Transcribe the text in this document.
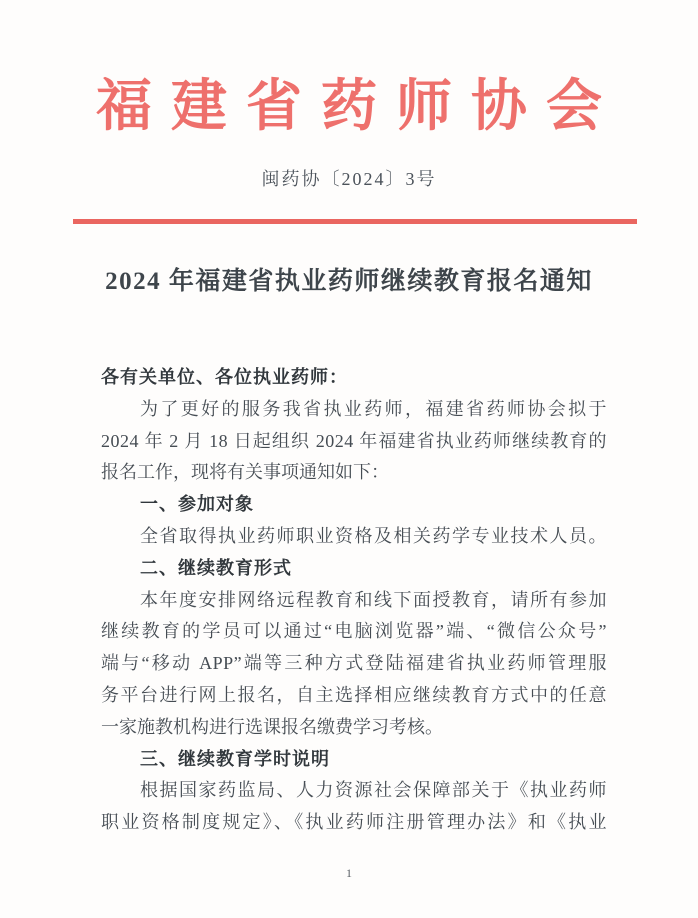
福建省药师协会
闽药协〔2024〕3号
2024 年福建省执业药师继续教育报名通知
各有关单位、各位执业药师：
为了更好的服务我省执业药师，福建省药师协会拟于
2024 年 2 月 18 日起组织 2024 年福建省执业药师继续教育的
报名工作，现将有关事项通知如下：
一、参加对象
全省取得执业药师职业资格及相关药学专业技术人员。
二、继续教育形式
本年度安排网络远程教育和线下面授教育，请所有参加
继续教育的学员可以通过“电脑浏览器”端、“微信公众号”
端与“移动 APP”端等三种方式登陆福建省执业药师管理服
务平台进行网上报名，自主选择相应继续教育方式中的任意
一家施教机构进行选课报名缴费学习考核。
三、继续教育学时说明
根据国家药监局、人力资源社会保障部关于《执业药师
职业资格制度规定》、《执业药师注册管理办法》和《执业
1
